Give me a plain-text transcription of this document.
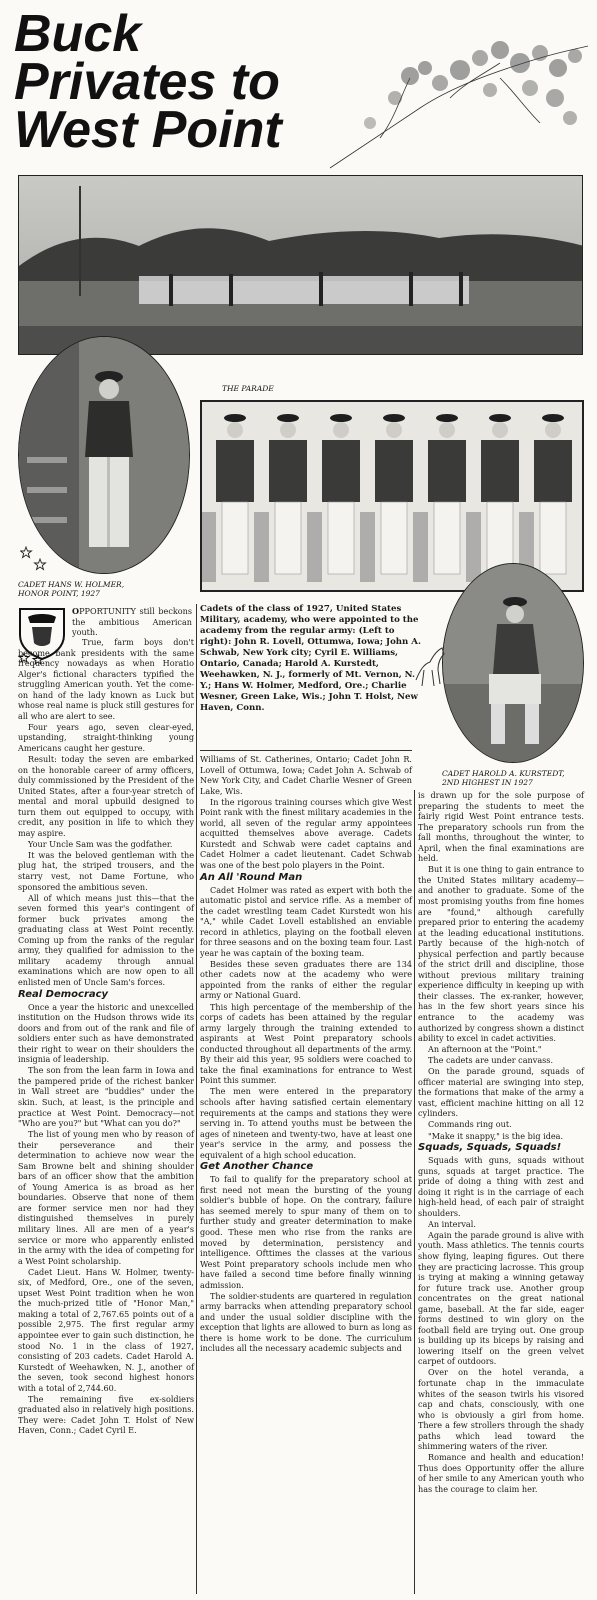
Buck Privates to
West Point
THE PARADE
CADET HANS W. HOLMER,
HONOR POINT, 1927
CADET HAROLD A. KURSTEDT,
2ND HIGHEST IN 1927

OPPORTUNITY still beckons the ambitious American youth.

True, farm boys don't become bank presidents with the same frequency nowadays as when Horatio Alger's fictional characters typified the struggling American youth. Yet the come-on hand of the lady known as Luck but whose real name is pluck still gestures for all who are alert to see.

Four years ago, seven clear-eyed, upstanding, straight-thinking young Americans caught her gesture.

Result: today the seven are embarked on the honorable career of army officers, duly commissioned by the President of the United States, after a four-year stretch of mental and moral upbuild designed to turn them out equipped to occupy, with credit, any position in life to which they may aspire.

Your Uncle Sam was the godfather.

It was the beloved gentleman with the plug hat, the striped trousers, and the starry vest, not Dame Fortune, who sponsored the ambitious seven.

All of which means just this—that the seven formed this year's contingent of former buck privates among the graduating class at West Point recently. Coming up from the ranks of the regular army, they qualified for admission to the military academy through annual examinations which are now open to all enlisted men of Uncle Sam's forces.

Real Democracy

Once a year the historic and unexcelled institution on the Hudson throws wide its doors and from out of the rank and file of soldiers enter such as have demonstrated their right to wear on their shoulders the insignia of leadership.

The son from the lean farm in Iowa and the pampered pride of the richest banker in Wall street are "buddies" under the skin. Such, at least, is the principle and practice at West Point. Democracy—not "Who are you?" but "What can you do?"

The list of young men who by reason of their perseverance and their determination to achieve now wear the Sam Browne belt and shining shoulder bars of an officer show that the ambition of Young America is as broad as her boundaries. Observe that none of them are former service men nor had they distinguished themselves in purely military lines. All are men of a year's service or more who apparently enlisted in the army with the idea of competing for a West Point scholarship.

Cadet Lieut. Hans W. Holmer, twenty-six, of Medford, Ore., one of the seven, upset West Point tradition when he won the much-prized title of "Honor Man," making a total of 2,767.65 points out of a possible 2,975. The first regular army appointee ever to gain such distinction, he stood No. 1 in the class of 1927, consisting of 203 cadets. Cadet Harold A. Kurstedt of Weehawken, N. J., another of the seven, took second highest honors with a total of 2,744.60.

The remaining five ex-soldiers graduated also in relatively high positions. They were: Cadet John T. Holst of New Haven, Conn.; Cadet Cyril E.

Cadets of the class of 1927, United States Military, academy, who were appointed to the academy from the regular army: (Left to right): John R. Lovell, Ottumwa, Iowa; John A. Schwab, New York city; Cyril E. Williams, Ontario, Canada; Harold A. Kurstedt, Weehawken, N. J., formerly of Mt. Vernon, N. Y.; Hans W. Holmer, Medford, Ore.; Charlie Wesner, Green Lake, Wis.; John T. Holst, New Haven, Conn.

Williams of St. Catherines, Ontario; Cadet John R. Lovell of Ottumwa, Iowa; Cadet John A. Schwab of New York City, and Cadet Charlie Wesner of Green Lake, Wis.

In the rigorous training courses which give West Point rank with the finest military academies in the world, all seven of the regular army appointees acquitted themselves above average. Cadets Kurstedt and Schwab were cadet captains and Cadet Holmer a cadet lieutenant. Cadet Schwab was one of the best polo players in the Point.

An All 'Round Man

Cadet Holmer was rated as expert with both the automatic pistol and service rifle. As a member of the cadet wrestling team Cadet Kurstedt won his "A," while Cadet Lovell established an enviable record in athletics, playing on the football eleven for three seasons and on the boxing team four. Last year he was captain of the boxing team.

Besides these seven graduates there are 134 other cadets now at the academy who were appointed from the ranks of either the regular army or National Guard.

This high percentage of the membership of the corps of cadets has been attained by the regular army largely through the training extended to aspirants at West Point preparatory schools conducted throughout all departments of the army. By their aid this year, 95 soldiers were coached to take the final examinations for entrance to West Point this summer.

The men were entered in the preparatory schools after having satisfied certain elementary requirements at the camps and stations they were serving in. To attend youths must be between the ages of nineteen and twenty-two, have at least one year's service in the army, and possess the equivalent of a high school education.

Get Another Chance

To fail to qualify for the preparatory school at first need not mean the bursting of the young soldier's bubble of hope. On the contrary, failure has seemed merely to spur many of them on to further study and greater determination to make good. These men who rise from the ranks are moved by determination, persistency and intelligence. Ofttimes the classes at the various West Point preparatory schools include men who have failed a second time before finally winning admission.

The soldier-students are quartered in regulation army barracks when attending preparatory school and under the usual soldier discipline with the exception that lights are allowed to burn as long as there is home work to be done. The curriculum includes all the necessary academic subjects and

is drawn up for the sole purpose of preparing the students to meet the fairly rigid West Point entrance tests. The preparatory schools run from the fall months, throughout the winter, to April, when the final examinations are held.

But it is one thing to gain entrance to the United States military academy—and another to graduate. Some of the most promising youths from fine homes are "found," although carefully prepared prior to entering the academy at the leading educational institutions. Partly because of the high-notch of physical perfection and partly because of the strict drill and discipline, those without previous military training experience difficulty in keeping up with their classes. The ex-ranker, however, has in the few short years since his entrance to the academy was authorized by congress shown a distinct ability to excel in cadet activities.

An afternoon at the "Point."

The cadets are under canvass.

On the parade ground, squads of officer material are swinging into step, the formations that make of the army a vast, efficient machine hitting on all 12 cylinders.

Commands ring out.

"Make it snappy," is the big idea.

Squads, Squads, Squads!

Squads with guns, squads without guns, squads at target practice. The pride of doing a thing with zest and doing it right is in the carriage of each high-held head, of each pair of straight shoulders.

An interval.

Again the parade ground is alive with youth. Mass athletics. The tennis courts show flying, leaping figures. Out there they are practicing lacrosse. This group is trying at making a winning getaway for future track use. Another group concentrates on the great national game, baseball. At the far side, eager forms destined to win glory on the football field are trying out. One group is building up its biceps by raising and lowering itself on the green velvet carpet of outdoors.

Over on the hotel veranda, a fortunate chap in the immaculate whites of the season twirls his visored cap and chats, consciously, with one who is obviously a girl from home. There a few strollers through the shady paths which lead toward the shimmering waters of the river.

Romance and health and education! Thus does Opportunity offer the allure of her smile to any American youth who has the courage to claim her.
